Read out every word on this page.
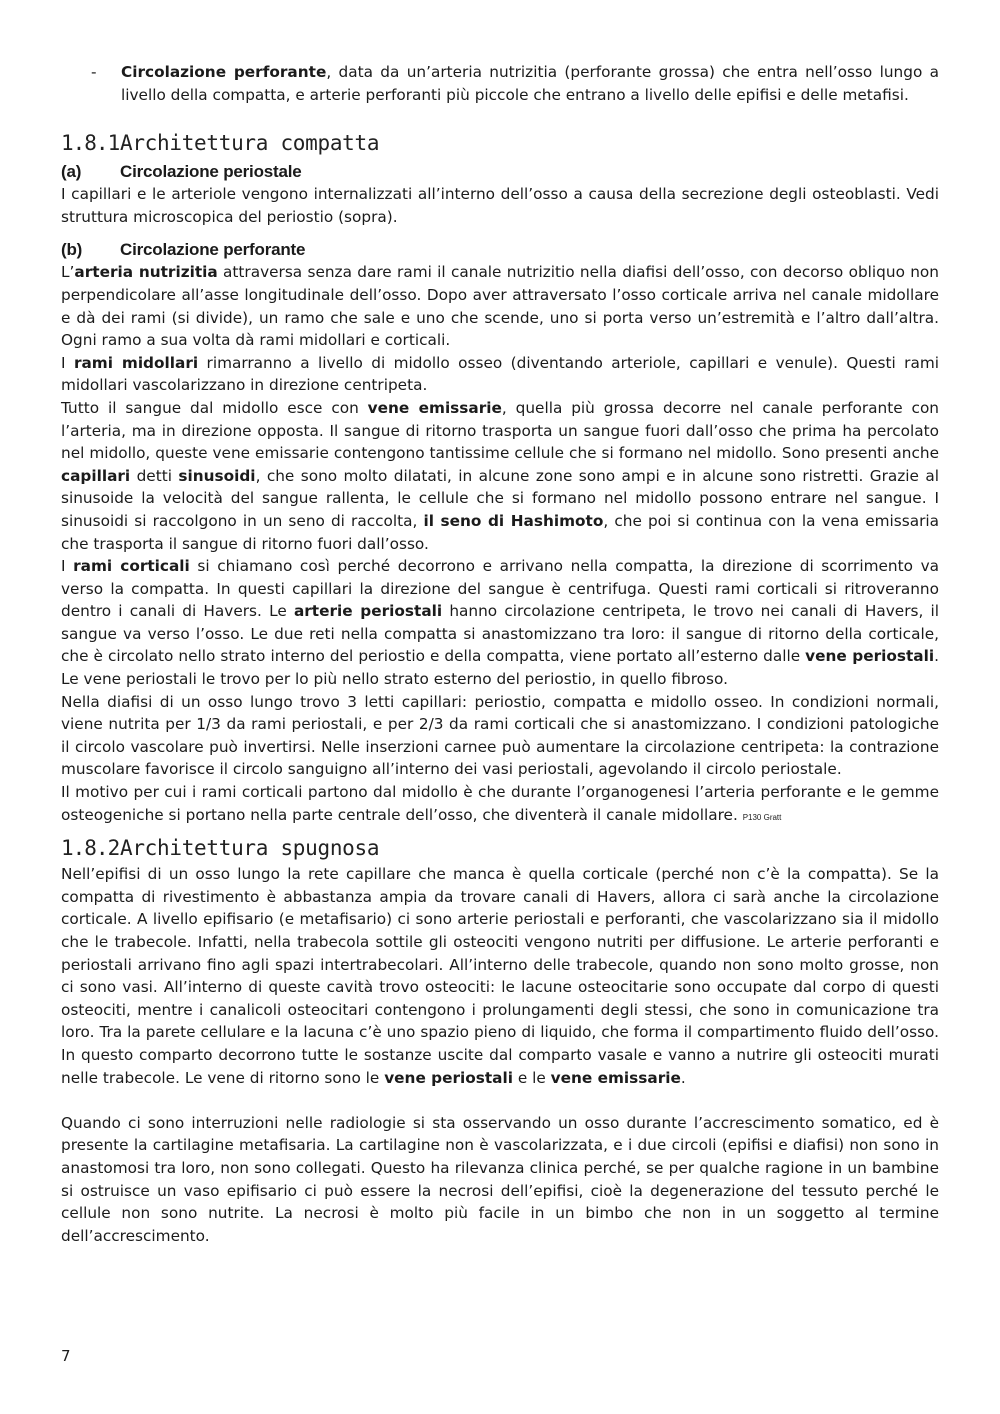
- Circolazione perforante, data da un’arteria nutrizitia (perforante grossa) che entra nell’osso lungo a livello della compatta, e arterie perforanti più piccole che entrano a livello delle epifisi e delle metafisi.

1.8.1Architettura compatta
(a) Circolazione periostale

I capillari e le arteriole vengono internalizzati all’interno dell’osso a causa della secrezione degli osteoblasti. Vedi struttura microscopica del periostio (sopra).

(b) Circolazione perforante

L’arteria nutrizitia attraversa senza dare rami il canale nutrizitio nella diafisi dell’osso, con decorso obliquo non perpendicolare all’asse longitudinale dell’osso. Dopo aver attraversato l’osso corticale arriva nel canale midollare e dà dei rami (si divide), un ramo che sale e uno che scende, uno si porta verso un’estremità e l’altro dall’altra. Ogni ramo a sua volta dà rami midollari e corticali.

I rami midollari rimarranno a livello di midollo osseo (diventando arteriole, capillari e venule). Questi rami midollari vascolarizzano in direzione centripeta.

Tutto il sangue dal midollo esce con vene emissarie, quella più grossa decorre nel canale perforante con l’arteria, ma in direzione opposta. Il sangue di ritorno trasporta un sangue fuori dall’osso che prima ha percolato nel midollo, queste vene emissarie contengono tantissime cellule che si formano nel midollo. Sono presenti anche capillari detti sinusoidi, che sono molto dilatati, in alcune zone sono ampi e in alcune sono ristretti. Grazie al sinusoide la velocità del sangue rallenta, le cellule che si formano nel midollo possono entrare nel sangue. I sinusoidi si raccolgono in un seno di raccolta, il seno di Hashimoto, che poi si continua con la vena emissaria che trasporta il sangue di ritorno fuori dall’osso.

I rami corticali si chiamano così perché decorrono e arrivano nella compatta, la direzione di scorrimento va verso la compatta. In questi capillari la direzione del sangue è centrifuga. Questi rami corticali si ritroveranno dentro i canali di Havers. Le arterie periostali hanno circolazione centripeta, le trovo nei canali di Havers, il sangue va verso l’osso. Le due reti nella compatta si anastomizzano tra loro: il sangue di ritorno della corticale, che è circolato nello strato interno del periostio e della compatta, viene portato all’esterno dalle vene periostali. Le vene periostali le trovo per lo più nello strato esterno del periostio, in quello fibroso.

Nella diafisi di un osso lungo trovo 3 letti capillari: periostio, compatta e midollo osseo. In condizioni normali, viene nutrita per 1/3 da rami periostali, e per 2/3 da rami corticali che si anastomizzano. I condizioni patologiche il circolo vascolare può invertirsi. Nelle inserzioni carnee può aumentare la circolazione centripeta: la contrazione muscolare favorisce il circolo sanguigno all’interno dei vasi periostali, agevolando il circolo periostale.

Il motivo per cui i rami corticali partono dal midollo è che durante l’organogenesi l’arteria perforante e le gemme osteogeniche si portano nella parte centrale dell’osso, che diventerà il canale midollare. P130 Gratt

1.8.2Architettura spugnosa

Nell’epifisi di un osso lungo la rete capillare che manca è quella corticale (perché non c’è la compatta). Se la compatta di rivestimento è abbastanza ampia da trovare canali di Havers, allora ci sarà anche la circolazione corticale. A livello epifisario (e metafisario) ci sono arterie periostali e perforanti, che vascolarizzano sia il midollo che le trabecole. Infatti, nella trabecola sottile gli osteociti vengono nutriti per diffusione. Le arterie perforanti e periostali arrivano fino agli spazi intertrabecolari. All’interno delle trabecole, quando non sono molto grosse, non ci sono vasi. All’interno di queste cavità trovo osteociti: le lacune osteocitarie sono occupate dal corpo di questi osteociti, mentre i canalicoli osteocitari contengono i prolungamenti degli stessi, che sono in comunicazione tra loro. Tra la parete cellulare e la lacuna c’è uno spazio pieno di liquido, che forma il compartimento fluido dell’osso. In questo comparto decorrono tutte le sostanze uscite dal comparto vasale e vanno a nutrire gli osteociti murati nelle trabecole. Le vene di ritorno sono le vene periostali e le vene emissarie.

Quando ci sono interruzioni nelle radiologie si sta osservando un osso durante l’accrescimento somatico, ed è presente la cartilagine metafisaria. La cartilagine non è vascolarizzata, e i due circoli (epifisi e diafisi) non sono in anastomosi tra loro, non sono collegati. Questo ha rilevanza clinica perché, se per qualche ragione in un bambine si ostruisce un vaso epifisario ci può essere la necrosi dell’epifisi, cioè la degenerazione del tessuto perché le cellule non sono nutrite. La necrosi è molto più facile in un bimbo che non in un soggetto al termine dell’accrescimento.

7
